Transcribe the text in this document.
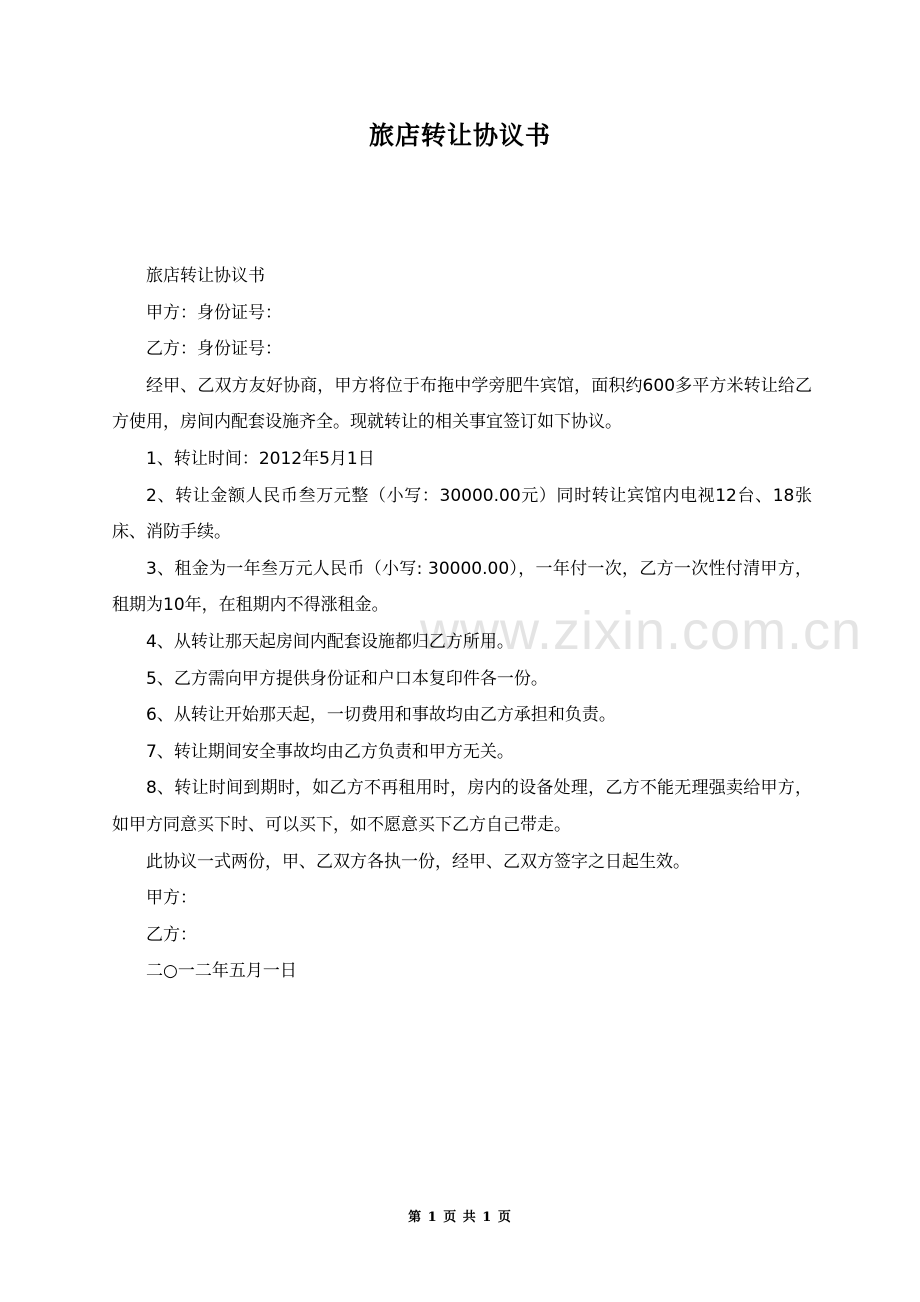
旅店转让协议书
www.zixin.com.cn

旅店转让协议书

甲方：身份证号：

乙方：身份证号：

经甲、乙双方友好协商，甲方将位于布拖中学旁肥牛宾馆，面积约600多平方米转让给乙方使用，房间内配套设施齐全。现就转让的相关事宜签订如下协议。

1、转让时间：2012年5月1日

2、转让金额人民币叁万元整（小写：30000.00元）同时转让宾馆内电视12台、18张床、消防手续。

3、租金为一年叁万元人民币（小写: 30000.00），一年付一次，乙方一次性付清甲方，租期为10年，在租期内不得涨租金。

4、从转让那天起房间内配套设施都归乙方所用。

5、乙方需向甲方提供身份证和户口本复印件各一份。

6、从转让开始那天起，一切费用和事故均由乙方承担和负责。

7、转让期间安全事故均由乙方负责和甲方无关。

8、转让时间到期时，如乙方不再租用时，房内的设备处理，乙方不能无理强卖给甲方，如甲方同意买下时、可以买下，如不愿意买下乙方自己带走。

此协议一式两份，甲、乙双方各执一份，经甲、乙双方签字之日起生效。

甲方：

乙方：

二○一二年五月一日

第 1 页 共 1 页
